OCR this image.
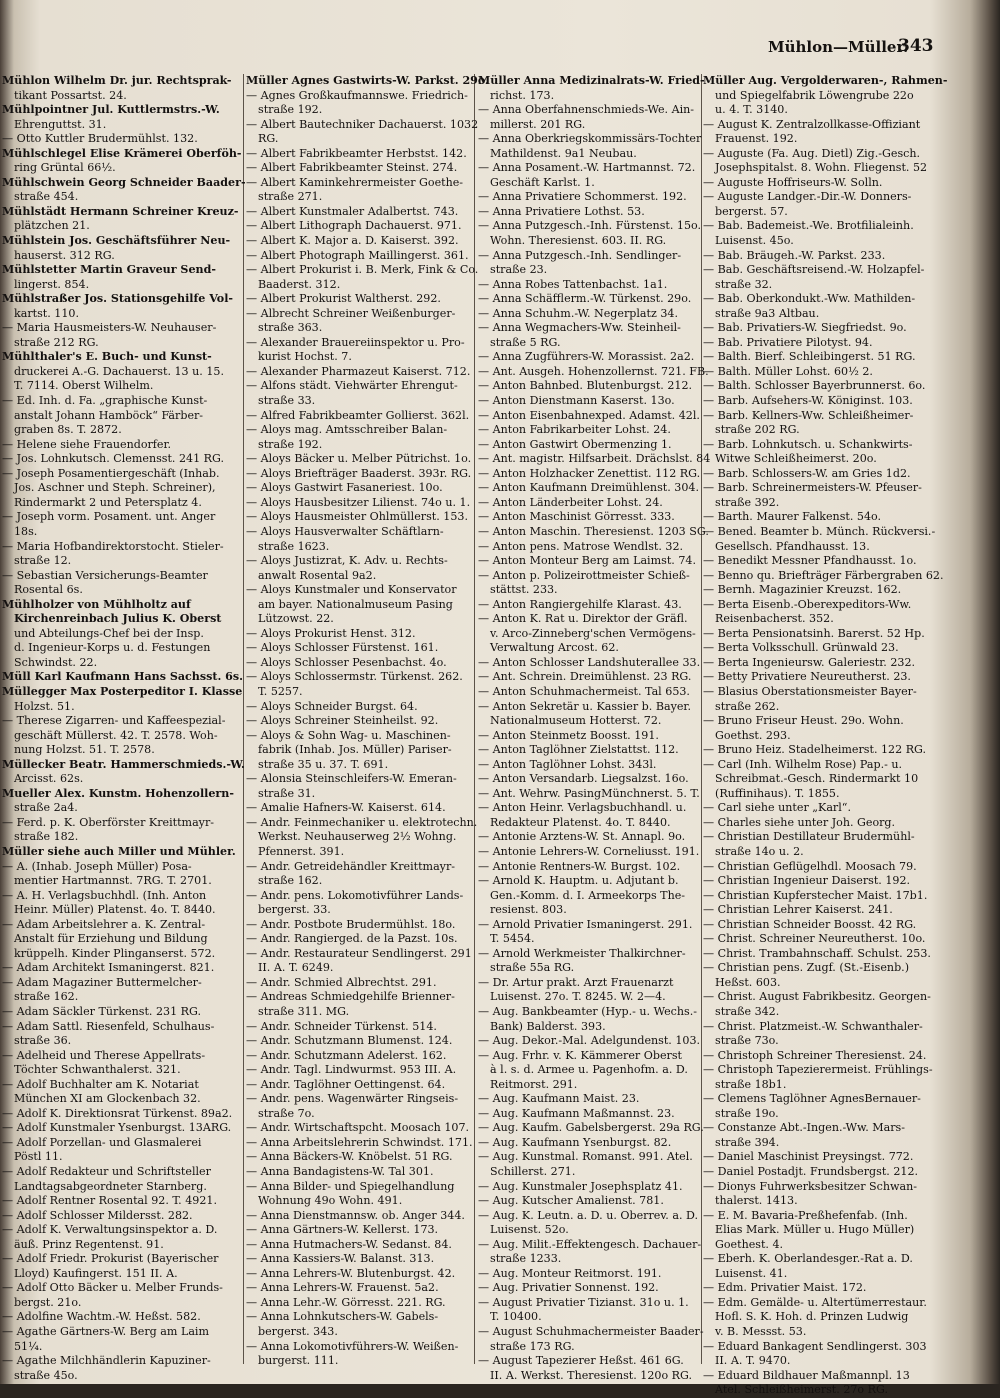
Mühlon—Müller.
343
Mühlon Wilhelm Dr. jur. Rechtsprak-
tikant Possartst. 24.
Mühlpointner Jul. Kuttlermstrs.-W.
Ehrenguttst. 31.
— Otto Kuttler Brudermühlst. 132.
Mühlschlegel Elise Krämerei Oberföh-
ring Grüntal 66½.
Mühlschwein Georg Schneider Baader-
straße 454.
Mühlstädt Hermann Schreiner Kreuz-
plätzchen 21.
Mühlstein Jos. Geschäftsführer Neu-
hauserst. 312 RG.
Mühlstetter Martin Graveur Send-
lingerst. 854.
Mühlstraßer Jos. Stationsgehilfe Vol-
kartst. 110.
— Maria Hausmeisters-W. Neuhauser-
straße 212 RG.
Mühlthaler's E. Buch- und Kunst-
druckerei A.-G. Dachauerst. 13 u. 15.
T. 7114. Oberst Wilhelm.
— Ed. Inh. d. Fa. „graphische Kunst-
anstalt Johann Hamböck“ Färber-
graben 8s. T. 2872.
— Helene siehe Frauendorfer.
— Jos. Lohnkutsch. Clemensst. 241 RG.
— Joseph Posamentiergeschäft (Inhab.
Jos. Aschner und Steph. Schreiner),
Rindermarkt 2 und Petersplatz 4.
— Joseph vorm. Posament. unt. Anger
18s.
— Maria Hofbandirektorstocht. Stieler-
straße 12.
— Sebastian Versicherungs-Beamter
Rosental 6s.
Mühlholzer von Mühlholtz auf
Kirchenreinbach Julius K. Oberst
und Abteilungs-Chef bei der Insp.
d. Ingenieur-Korps u. d. Festungen
Schwindst. 22.
Müll Karl Kaufmann Hans Sachsst. 6s.
Müllegger Max Posterpeditor I. Klasse
Holzst. 51.
— Therese Zigarren- und Kaffeespezial-
geschäft Müllerst. 42. T. 2578. Woh-
nung Holzst. 51. T. 2578.
Müllecker Beatr. Hammerschmieds.-W.
Arcisst. 62s.
Mueller Alex. Kunstm. Hohenzollern-
straße 2a4.
— Ferd. p. K. Oberförster Kreittmayr-
straße 182.
Müller siehe auch Miller und Mühler.
— A. (Inhab. Joseph Müller) Posa-
mentier Hartmannst. 7RG. T. 2701.
— A. H. Verlagsbuchhdl. (Inh. Anton
Heinr. Müller) Platenst. 4o. T. 8440.
— Adam Arbeitslehrer a. K. Zentral-
Anstalt für Erziehung und Bildung
krüppelh. Kinder Plinganserst. 572.
— Adam Architekt Ismaningerst. 821.
— Adam Magaziner Buttermelcher-
straße 162.
— Adam Säckler Türkenst. 231 RG.
— Adam Sattl. Riesenfeld, Schulhaus-
straße 36.
— Adelheid und Therese Appellrats-
Töchter Schwanthalerst. 321.
— Adolf Buchhalter am K. Notariat
München XI am Glockenbach 32.
— Adolf K. Direktionsrat Türkenst. 89a2.
— Adolf Kunstmaler Ysenburgst. 13ARG.
— Adolf Porzellan- und Glasmalerei
Pöstl 11.
— Adolf Redakteur und Schriftsteller
Landtagsabgeordneter Starnberg.
— Adolf Rentner Rosental 92. T. 4921.
— Adolf Schlosser Mildersst. 282.
— Adolf K. Verwaltungsinspektor a. D.
äuß. Prinz Regentenst. 91.
— Adolf Friedr. Prokurist (Bayerischer
Lloyd) Kaufingerst. 151 II. A.
— Adolf Otto Bäcker u. Melber Frunds-
bergst. 21o.
— Adolfine Wachtm.-W. Heßst. 582.
— Agathe Gärtners-W. Berg am Laim
51¼.
— Agathe Milchhändlerin Kapuziner-
straße 45o.
Müller Agnes Gastwirts-W. Parkst. 29o.
— Agnes Großkaufmannswe. Friedrich-
straße 192.
— Albert Bautechniker Dachauerst. 1032
RG.
— Albert Fabrikbeamter Herbstst. 142.
— Albert Fabrikbeamter Steinst. 274.
— Albert Kaminkehrermeister Goethe-
straße 271.
— Albert Kunstmaler Adalbertst. 743.
— Albert Lithograph Dachauerst. 971.
— Albert K. Major a. D. Kaiserst. 392.
— Albert Photograph Maillingerst. 361.
— Albert Prokurist i. B. Merk, Fink & Co.
Baaderst. 312.
— Albert Prokurist Waltherst. 292.
— Albrecht Schreiner Weißenburger-
straße 363.
— Alexander Brauereiinspektor u. Pro-
kurist Hochst. 7.
— Alexander Pharmazeut Kaiserst. 712.
— Alfons städt. Viehwärter Ehrengut-
straße 33.
— Alfred Fabrikbeamter Gollierst. 362l.
— Aloys mag. Amtsschreiber Balan-
straße 192.
— Aloys Bäcker u. Melber Pütrichst. 1o.
— Aloys Briefträger Baaderst. 393r. RG.
— Aloys Gastwirt Fasaneriest. 10o.
— Aloys Hausbesitzer Lilienst. 74o u. 1.
— Aloys Hausmeister Ohlmüllerst. 153.
— Aloys Hausverwalter Schäftlarn-
straße 1623.
— Aloys Justizrat, K. Adv. u. Rechts-
anwalt Rosental 9a2.
— Aloys Kunstmaler und Konservator
am bayer. Nationalmuseum Pasing
Lützowst. 22.
— Aloys Prokurist Henst. 312.
— Aloys Schlosser Fürstenst. 161.
— Aloys Schlosser Pesenbachst. 4o.
— Aloys Schlossermstr. Türkenst. 262.
T. 5257.
— Aloys Schneider Burgst. 64.
— Aloys Schreiner Steinheilst. 92.
— Aloys & Sohn Wag- u. Maschinen-
fabrik (Inhab. Jos. Müller) Pariser-
straße 35 u. 37. T. 691.
— Alonsia Steinschleifers-W. Emeran-
straße 31.
— Amalie Hafners-W. Kaiserst. 614.
— Andr. Feinmechaniker u. elektrotechn.
Werkst. Neuhauserweg 2½ Wohng.
Pfennerst. 391.
— Andr. Getreidehändler Kreittmayr-
straße 162.
— Andr. pens. Lokomotivführer Lands-
bergerst. 33.
— Andr. Postbote Brudermühlst. 18o.
— Andr. Rangierged. de la Pazst. 10s.
— Andr. Restaurateur Sendlingerst. 291
II. A. T. 6249.
— Andr. Schmied Albrechtst. 291.
— Andreas Schmiedgehilfe Brienner-
straße 311. MG.
— Andr. Schneider Türkenst. 514.
— Andr. Schutzmann Blumenst. 124.
— Andr. Schutzmann Adelerst. 162.
— Andr. Tagl. Lindwurmst. 953 III. A.
— Andr. Taglöhner Oettingenst. 64.
— Andr. pens. Wagenwärter Ringseis-
straße 7o.
— Andr. Wirtschaftspcht. Moosach 107.
— Anna Arbeitslehrerin Schwindst. 171.
— Anna Bäckers-W. Knöbelst. 51 RG.
— Anna Bandagistens-W. Tal 301.
— Anna Bilder- und Spiegelhandlung
Wohnung 49o Wohn. 491.
— Anna Dienstmannsw. ob. Anger 344.
— Anna Gärtners-W. Kellerst. 173.
— Anna Hutmachers-W. Sedanst. 84.
— Anna Kassiers-W. Balanst. 313.
— Anna Lehrers-W. Blutenburgst. 42.
— Anna Lehrers-W. Frauenst. 5a2.
— Anna Lehr.-W. Görresst. 221. RG.
— Anna Lohnkutschers-W. Gabels-
bergerst. 343.
— Anna Lokomotivführers-W. Weißen-
burgerst. 111.
Müller Anna Medizinalrats-W. Fried-
richst. 173.
— Anna Oberfahnenschmieds-We. Ain-
millerst. 201 RG.
— Anna Oberkriegskommissärs-Tochter
Mathildenst. 9a1 Neubau.
— Anna Posament.-W. Hartmannst. 72.
Geschäft Karlst. 1.
— Anna Privatiere Schommerst. 192.
— Anna Privatiere Lothst. 53.
— Anna Putzgesch.-Inh. Fürstenst. 15o.
Wohn. Theresienst. 603. II. RG.
— Anna Putzgesch.-Inh. Sendlinger-
straße 23.
— Anna Robes Tattenbachst. 1a1.
— Anna Schäfflerm.-W. Türkenst. 29o.
— Anna Schuhm.-W. Negerplatz 34.
— Anna Wegmachers-Ww. Steinheil-
straße 5 RG.
— Anna Zugführers-W. Morassist. 2a2.
— Ant. Ausgeh. Hohenzollernst. 721. FB.
— Anton Bahnbed. Blutenburgst. 212.
— Anton Dienstmann Kaserst. 13o.
— Anton Eisenbahnexped. Adamst. 42l.
— Anton Fabrikarbeiter Lohst. 24.
— Anton Gastwirt Obermenzing 1.
— Ant. magistr. Hilfsarbeit. Drächslst. 84
— Anton Holzhacker Zenettist. 112 RG.
— Anton Kaufmann Dreimühlenst. 304.
— Anton Länderbeiter Lohst. 24.
— Anton Maschinist Görresst. 333.
— Anton Maschin. Theresienst. 1203 SG.
— Anton pens. Matrose Wendlst. 32.
— Anton Monteur Berg am Laimst. 74.
— Anton p. Polizeirottmeister Schieß-
stättst. 233.
— Anton Rangiergehilfe Klarast. 43.
— Anton K. Rat u. Direktor der Gräfl.
v. Arco-Zinneberg'schen Vermögens-
Verwaltung Arcost. 62.
— Anton Schlosser Landshuterallee 33.
— Ant. Schrein. Dreimühlenst. 23 RG.
— Anton Schuhmachermeist. Tal 653.
— Anton Sekretär u. Kassier b. Bayer.
Nationalmuseum Hotterst. 72.
— Anton Steinmetz Boosst. 191.
— Anton Taglöhner Zielstattst. 112.
— Anton Taglöhner Lohst. 343l.
— Anton Versandarb. Liegsalzst. 16o.
— Ant. Wehrw. PasingMünchnerst. 5. T.
— Anton Heinr. Verlagsbuchhandl. u.
Redakteur Platenst. 4o. T. 8440.
— Antonie Arztens-W. St. Annapl. 9o.
— Antonie Lehrers-W. Corneliusst. 191.
— Antonie Rentners-W. Burgst. 102.
— Arnold K. Hauptm. u. Adjutant b.
Gen.-Komm. d. I. Armeekorps The-
resienst. 803.
— Arnold Privatier Ismaningerst. 291.
T. 5454.
— Arnold Werkmeister Thalkirchner-
straße 55a RG.
— Dr. Artur prakt. Arzt Frauenarzt
Luisenst. 27o. T. 8245. W. 2—4.
— Aug. Bankbeamter (Hyp.- u. Wechs.-
Bank) Balderst. 393.
— Aug. Dekor.-Mal. Adelgundenst. 103.
— Aug. Frhr. v. K. Kämmerer Oberst
à l. s. d. Armee u. Pagenhofm. a. D.
Reitmorst. 291.
— Aug. Kaufmann Maist. 23.
— Aug. Kaufmann Maßmannst. 23.
— Aug. Kaufm. Gabelsbergerst. 29a RG.
— Aug. Kaufmann Ysenburgst. 82.
— Aug. Kunstmal. Romanst. 991. Atel.
Schillerst. 271.
— Aug. Kunstmaler Josephsplatz 41.
— Aug. Kutscher Amalienst. 781.
— Aug. K. Leutn. a. D. u. Oberrev. a. D.
Luisenst. 52o.
— Aug. Milit.-Effektengesch. Dachauer-
straße 1233.
— Aug. Monteur Reitmorst. 191.
— Aug. Privatier Sonnenst. 192.
— August Privatier Tizianst. 31o u. 1.
T. 10400.
— August Schuhmachermeister Baader-
straße 173 RG.
— August Tapezierer Heßst. 461 6G.
II. A. Werkst. Theresienst. 120o RG.
Müller Aug. Vergolderwaren-, Rahmen-
und Spiegelfabrik Löwengrube 22o
u. 4. T. 3140.
— August K. Zentralzollkasse-Offiziant
Frauenst. 192.
— Auguste (Fa. Aug. Dietl) Zig.-Gesch.
Josephspitalst. 8. Wohn. Fliegenst. 52
— Auguste Hoffriseurs-W. Solln.
— Auguste Landger.-Dir.-W. Donners-
bergerst. 57.
— Bab. Bademeist.-We. Brotfilialeinh.
Luisenst. 45o.
— Bab. Bräugeh.-W. Parkst. 233.
— Bab. Geschäftsreisend.-W. Holzapfel-
straße 32.
— Bab. Oberkondukt.-Ww. Mathilden-
straße 9a3 Altbau.
— Bab. Privatiers-W. Siegfriedst. 9o.
— Bab. Privatiere Pilotyst. 94.
— Balth. Bierf. Schleibingerst. 51 RG.
— Balth. Müller Lohst. 60½ 2.
— Balth. Schlosser Bayerbrunnerst. 6o.
— Barb. Aufsehers-W. Königinst. 103.
— Barb. Kellners-Ww. Schleißheimer-
straße 202 RG.
— Barb. Lohnkutsch. u. Schankwirts-
Witwe Schleißheimerst. 20o.
— Barb. Schlossers-W. am Gries 1d2.
— Barb. Schreinermeisters-W. Pfeuser-
straße 392.
— Barth. Maurer Falkenst. 54o.
— Bened. Beamter b. Münch. Rückversi.-
Gesellsch. Pfandhausst. 13.
— Benedikt Messner Pfandhausst. 1o.
— Benno qu. Briefträger Färbergraben 62.
— Bernh. Magazinier Kreuzst. 162.
— Berta Eisenb.-Oberexpeditors-Ww.
Reisenbacherst. 352.
— Berta Pensionatsinh. Barerst. 52 Hp.
— Berta Volksschull. Grünwald 23.
— Berta Ingenieursw. Galeriestr. 232.
— Betty Privatiere Neureutherst. 23.
— Blasius Oberstationsmeister Bayer-
straße 262.
— Bruno Friseur Heust. 29o. Wohn.
Goethst. 293.
— Bruno Heiz. Stadelheimerst. 122 RG.
— Carl (Inh. Wilhelm Rose) Pap.- u.
Schreibmat.-Gesch. Rindermarkt 10
(Ruffinihaus). T. 1855.
— Carl siehe unter „Karl“.
— Charles siehe unter Joh. Georg.
— Christian Destillateur Brudermühl-
straße 14o u. 2.
— Christian Geflügelhdl. Moosach 79.
— Christian Ingenieur Daiserst. 192.
— Christian Kupferstecher Maist. 17b1.
— Christian Lehrer Kaiserst. 241.
— Christian Schneider Boosst. 42 RG.
— Christ. Schreiner Neureutherst. 10o.
— Christ. Trambahnschaff. Schulst. 253.
— Christian pens. Zugf. (St.-Eisenb.)
Heßst. 603.
— Christ. August Fabrikbesitz. Georgen-
straße 342.
— Christ. Platzmeist.-W. Schwanthaler-
straße 73o.
— Christoph Schreiner Theresienst. 24.
— Christoph Tapezierermeist. Frühlings-
straße 18b1.
— Clemens Taglöhner AgnesBernauer-
straße 19o.
— Constanze Abt.-Ingen.-Ww. Mars-
straße 394.
— Daniel Maschinist Preysingst. 772.
— Daniel Postadjt. Frundsbergst. 212.
— Dionys Fuhrwerksbesitzer Schwan-
thalerst. 1413.
— E. M. Bavaria-Preßhefenfab. (Inh.
Elias Mark. Müller u. Hugo Müller)
Goethest. 4.
— Eberh. K. Oberlandesger.-Rat a. D.
Luisenst. 41.
— Edm. Privatier Maist. 172.
— Edm. Gemälde- u. Altertümerrestaur.
Hofl. S. K. Hoh. d. Prinzen Ludwig
v. B. Messst. 53.
— Eduard Bankagent Sendlingerst. 303
II. A. T. 9470.
— Eduard Bildhauer Maßmannpl. 13
Atel. Schleißheimerst. 27o RG.
